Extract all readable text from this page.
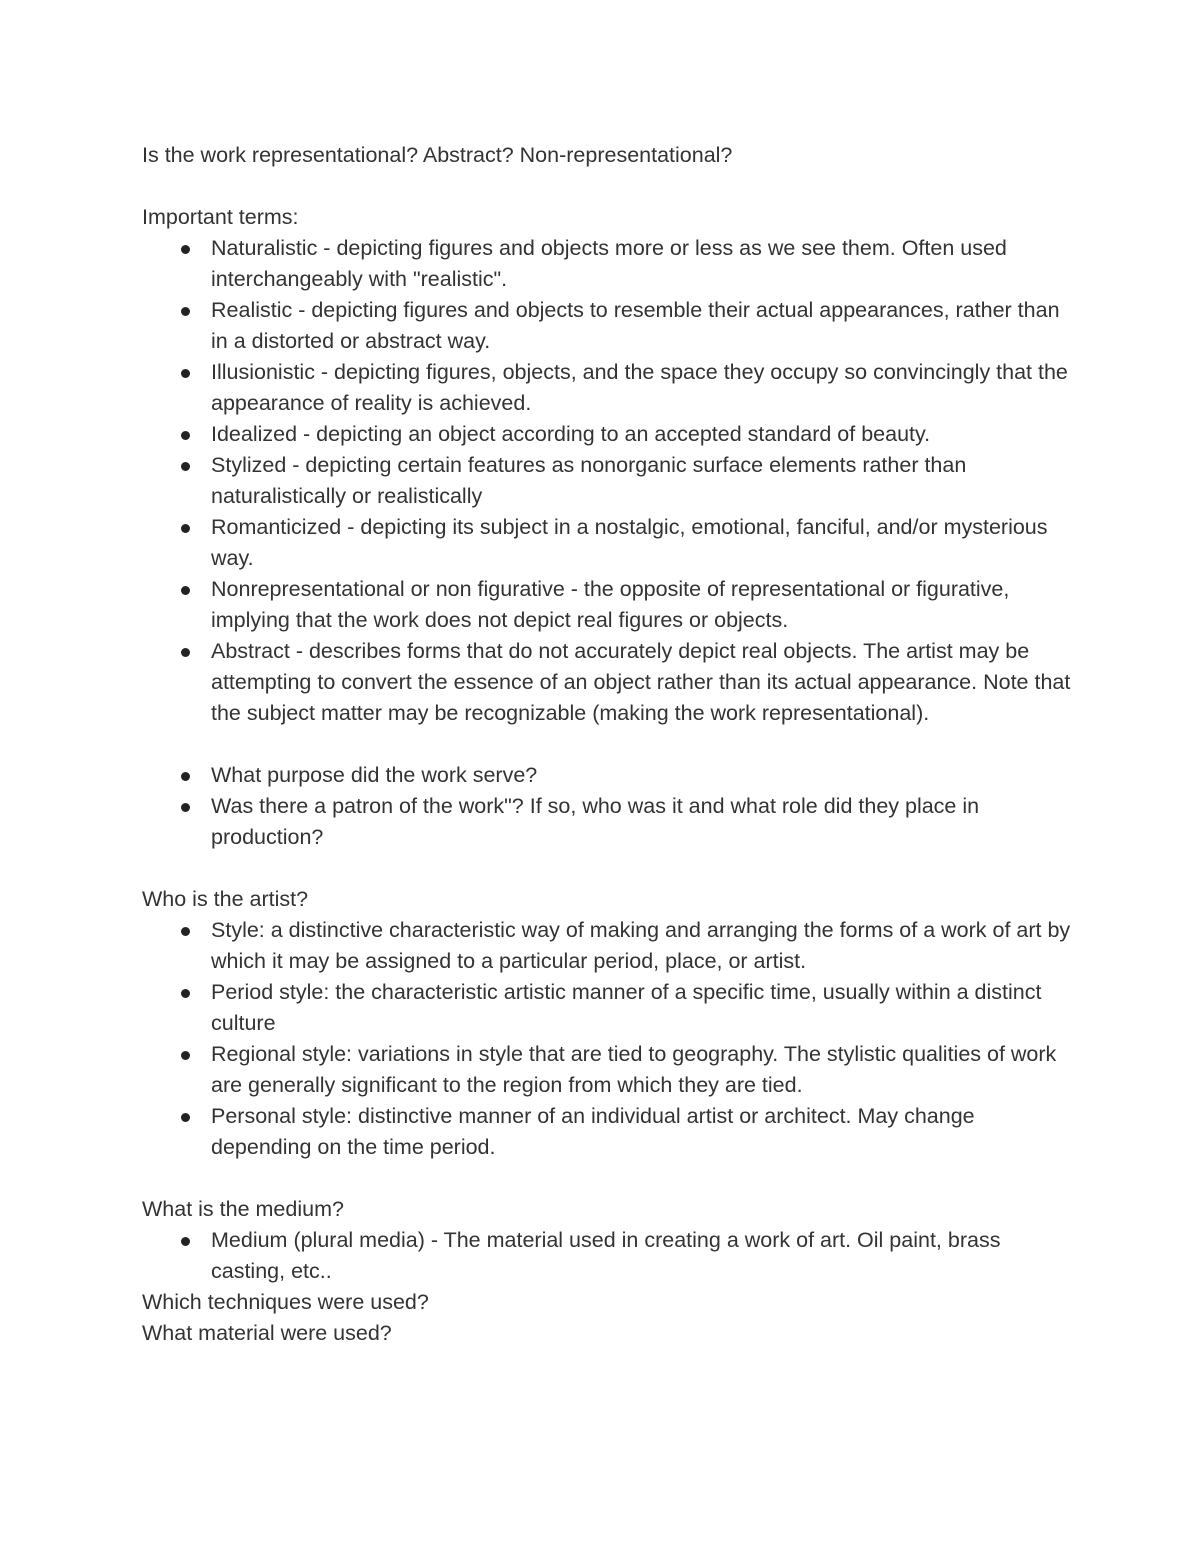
Is the work representational? Abstract? Non-representational?

Important terms:

Naturalistic - depicting figures and objects more or less as we see them. Often used interchangeably with "realistic".
Realistic - depicting figures and objects to resemble their actual appearances, rather than in a distorted or abstract way.
Illusionistic - depicting figures, objects, and the space they occupy so convincingly that the appearance of reality is achieved.
Idealized - depicting an object according to an accepted standard of beauty.
Stylized - depicting certain features as nonorganic surface elements rather than naturalistically or realistically
Romanticized - depicting its subject in a nostalgic, emotional, fanciful, and/or mysterious way.
Nonrepresentational or non figurative - the opposite of representational or figurative, implying that the work does not depict real figures or objects.
Abstract - describes forms that do not accurately depict real objects. The artist may be attempting to convert the essence of an object rather than its actual appearance. Note that the subject matter may be recognizable (making the work representational).
What purpose did the work serve?
Was there a patron of the work"? If so, who was it and what role did they place in production?

Who is the artist?

Style: a distinctive characteristic way of making and arranging the forms of a work of art by which it may be assigned to a particular period, place, or artist.
Period style: the characteristic artistic manner of a specific time, usually within a distinct culture
Regional style: variations in style that are tied to geography. The stylistic qualities of work are generally significant to the region from which they are tied.
Personal style: distinctive manner of an individual artist or architect. May change depending on the time period.

What is the medium?

Medium (plural media) - The material used in creating a work of art. Oil paint, brass casting, etc..

Which techniques were used?

What material were used?
